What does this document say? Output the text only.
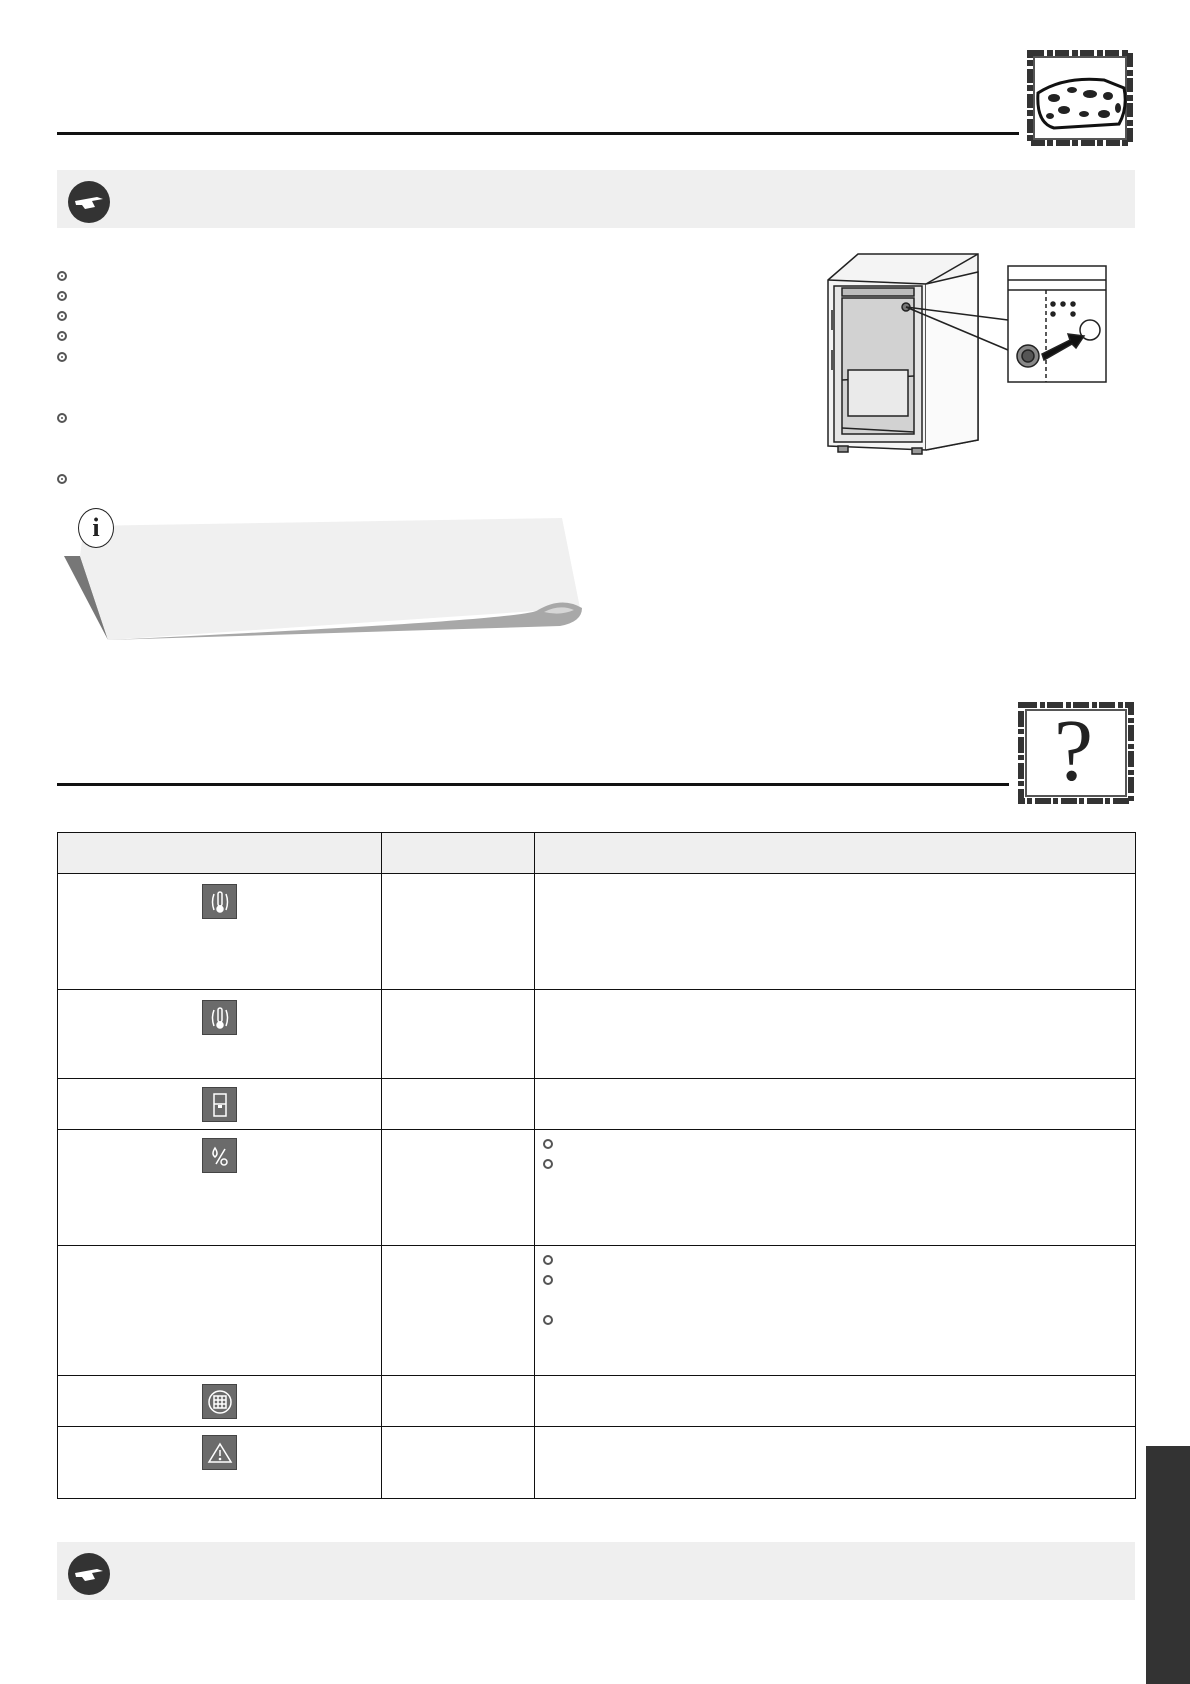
i
?
